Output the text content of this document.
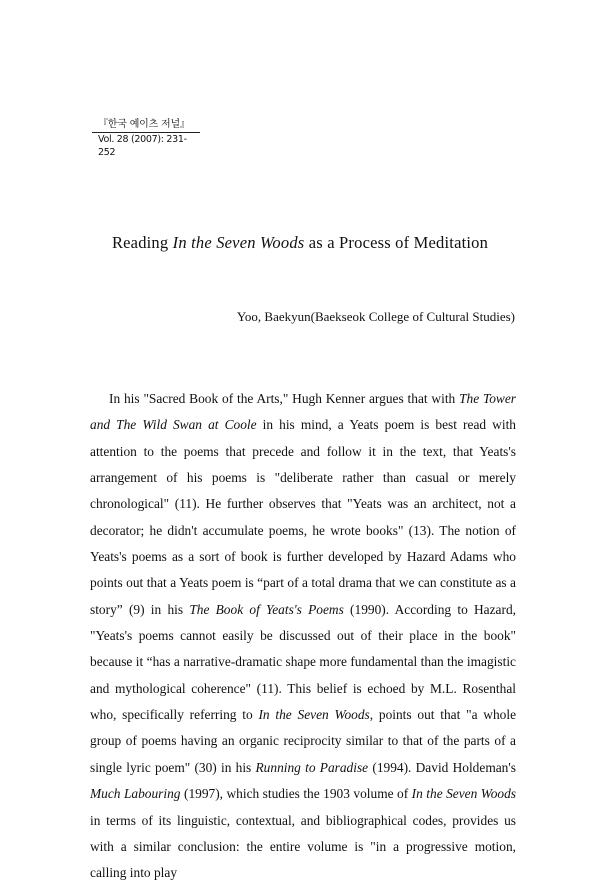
『한국 예이츠 저널』
Vol. 28 (2007): 231-252
Reading In the Seven Woods as a Process of Meditation
Yoo, Baekyun(Baekseok College of Cultural Studies)

In his "Sacred Book of the Arts," Hugh Kenner argues that with The Tower and The Wild Swan at Coole in his mind, a Yeats poem is best read with attention to the poems that precede and follow it in the text, that Yeats's arrangement of his poems is "deliberate rather than casual or merely chronological" (11). He further observes that "Yeats was an architect, not a decorator; he didn't accumulate poems, he wrote books" (13). The notion of Yeats's poems as a sort of book is further developed by Hazard Adams who points out that a Yeats poem is “part of a total drama that we can constitute as a story” (9) in his The Book of Yeats's Poems (1990). According to Hazard, "Yeats's poems cannot easily be discussed out of their place in the book" because it “has a narrative-dramatic shape more fundamental than the imagistic and mythological coherence" (11). This belief is echoed by M.L. Rosenthal who, specifically referring to In the Seven Woods, points out that "a whole group of poems having an organic reciprocity similar to that of the parts of a single lyric poem" (30) in his Running to Paradise (1994). David Holdeman's Much Labouring (1997), which studies the 1903 volume of In the Seven Woods in terms of its linguistic, contextual, and bibliographical codes, provides us with a similar conclusion: the entire volume is "in a progressive motion, calling into play
